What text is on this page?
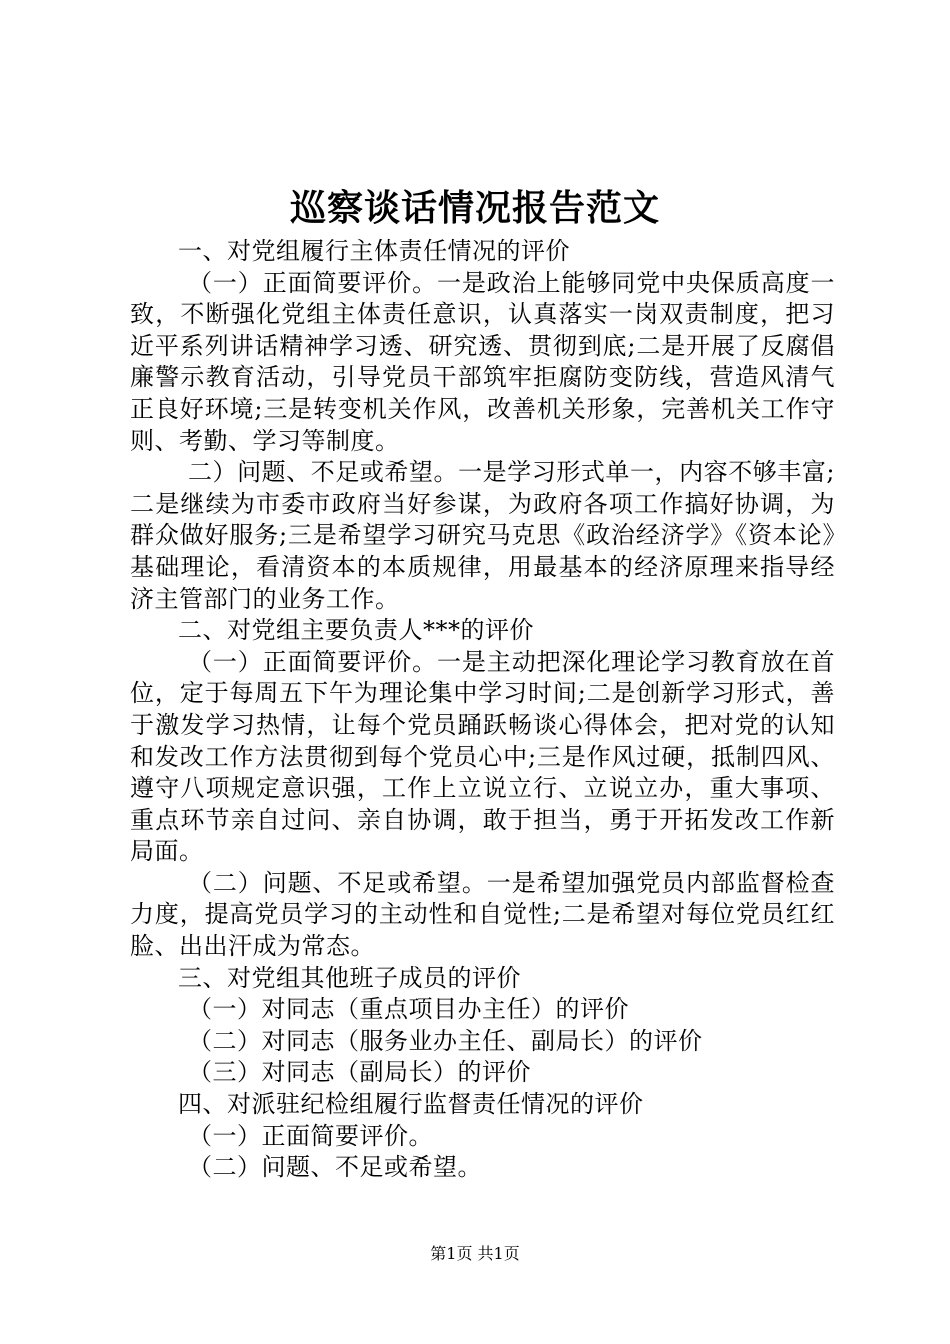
巡察谈话情况报告范文

一、对党组履行主体责任情况的评价

（一）正面简要评价。一是政治上能够同党中央保质高度一致，不断强化党组主体责任意识，认真落实一岗双责制度，把习近平系列讲话精神学习透、研究透、贯彻到底;二是开展了反腐倡廉警示教育活动，引导党员干部筑牢拒腐防变防线，营造风清气正良好环境;三是转变机关作风，改善机关形象，完善机关工作守则、考勤、学习等制度。

二）问题、不足或希望。一是学习形式单一，内容不够丰富;二是继续为市委市政府当好参谋，为政府各项工作搞好协调，为群众做好服务;三是希望学习研究马克思《政治经济学》《资本论》基础理论，看清资本的本质规律，用最基本的经济原理来指导经济主管部门的业务工作。

二、对党组主要负责人***的评价

（一）正面简要评价。一是主动把深化理论学习教育放在首位，定于每周五下午为理论集中学习时间;二是创新学习形式，善于激发学习热情，让每个党员踊跃畅谈心得体会，把对党的认知和发改工作方法贯彻到每个党员心中;三是作风过硬，抵制四风、遵守八项规定意识强，工作上立说立行、立说立办，重大事项、重点环节亲自过问、亲自协调，敢于担当，勇于开拓发改工作新局面。

（二）问题、不足或希望。一是希望加强党员内部监督检查力度，提高党员学习的主动性和自觉性;二是希望对每位党员红红脸、出出汗成为常态。

三、对党组其他班子成员的评价

（一）对同志（重点项目办主任）的评价

（二）对同志（服务业办主任、副局长）的评价

（三）对同志（副局长）的评价

四、对派驻纪检组履行监督责任情况的评价

（一）正面简要评价。

（二）问题、不足或希望。

第1页 共1页
